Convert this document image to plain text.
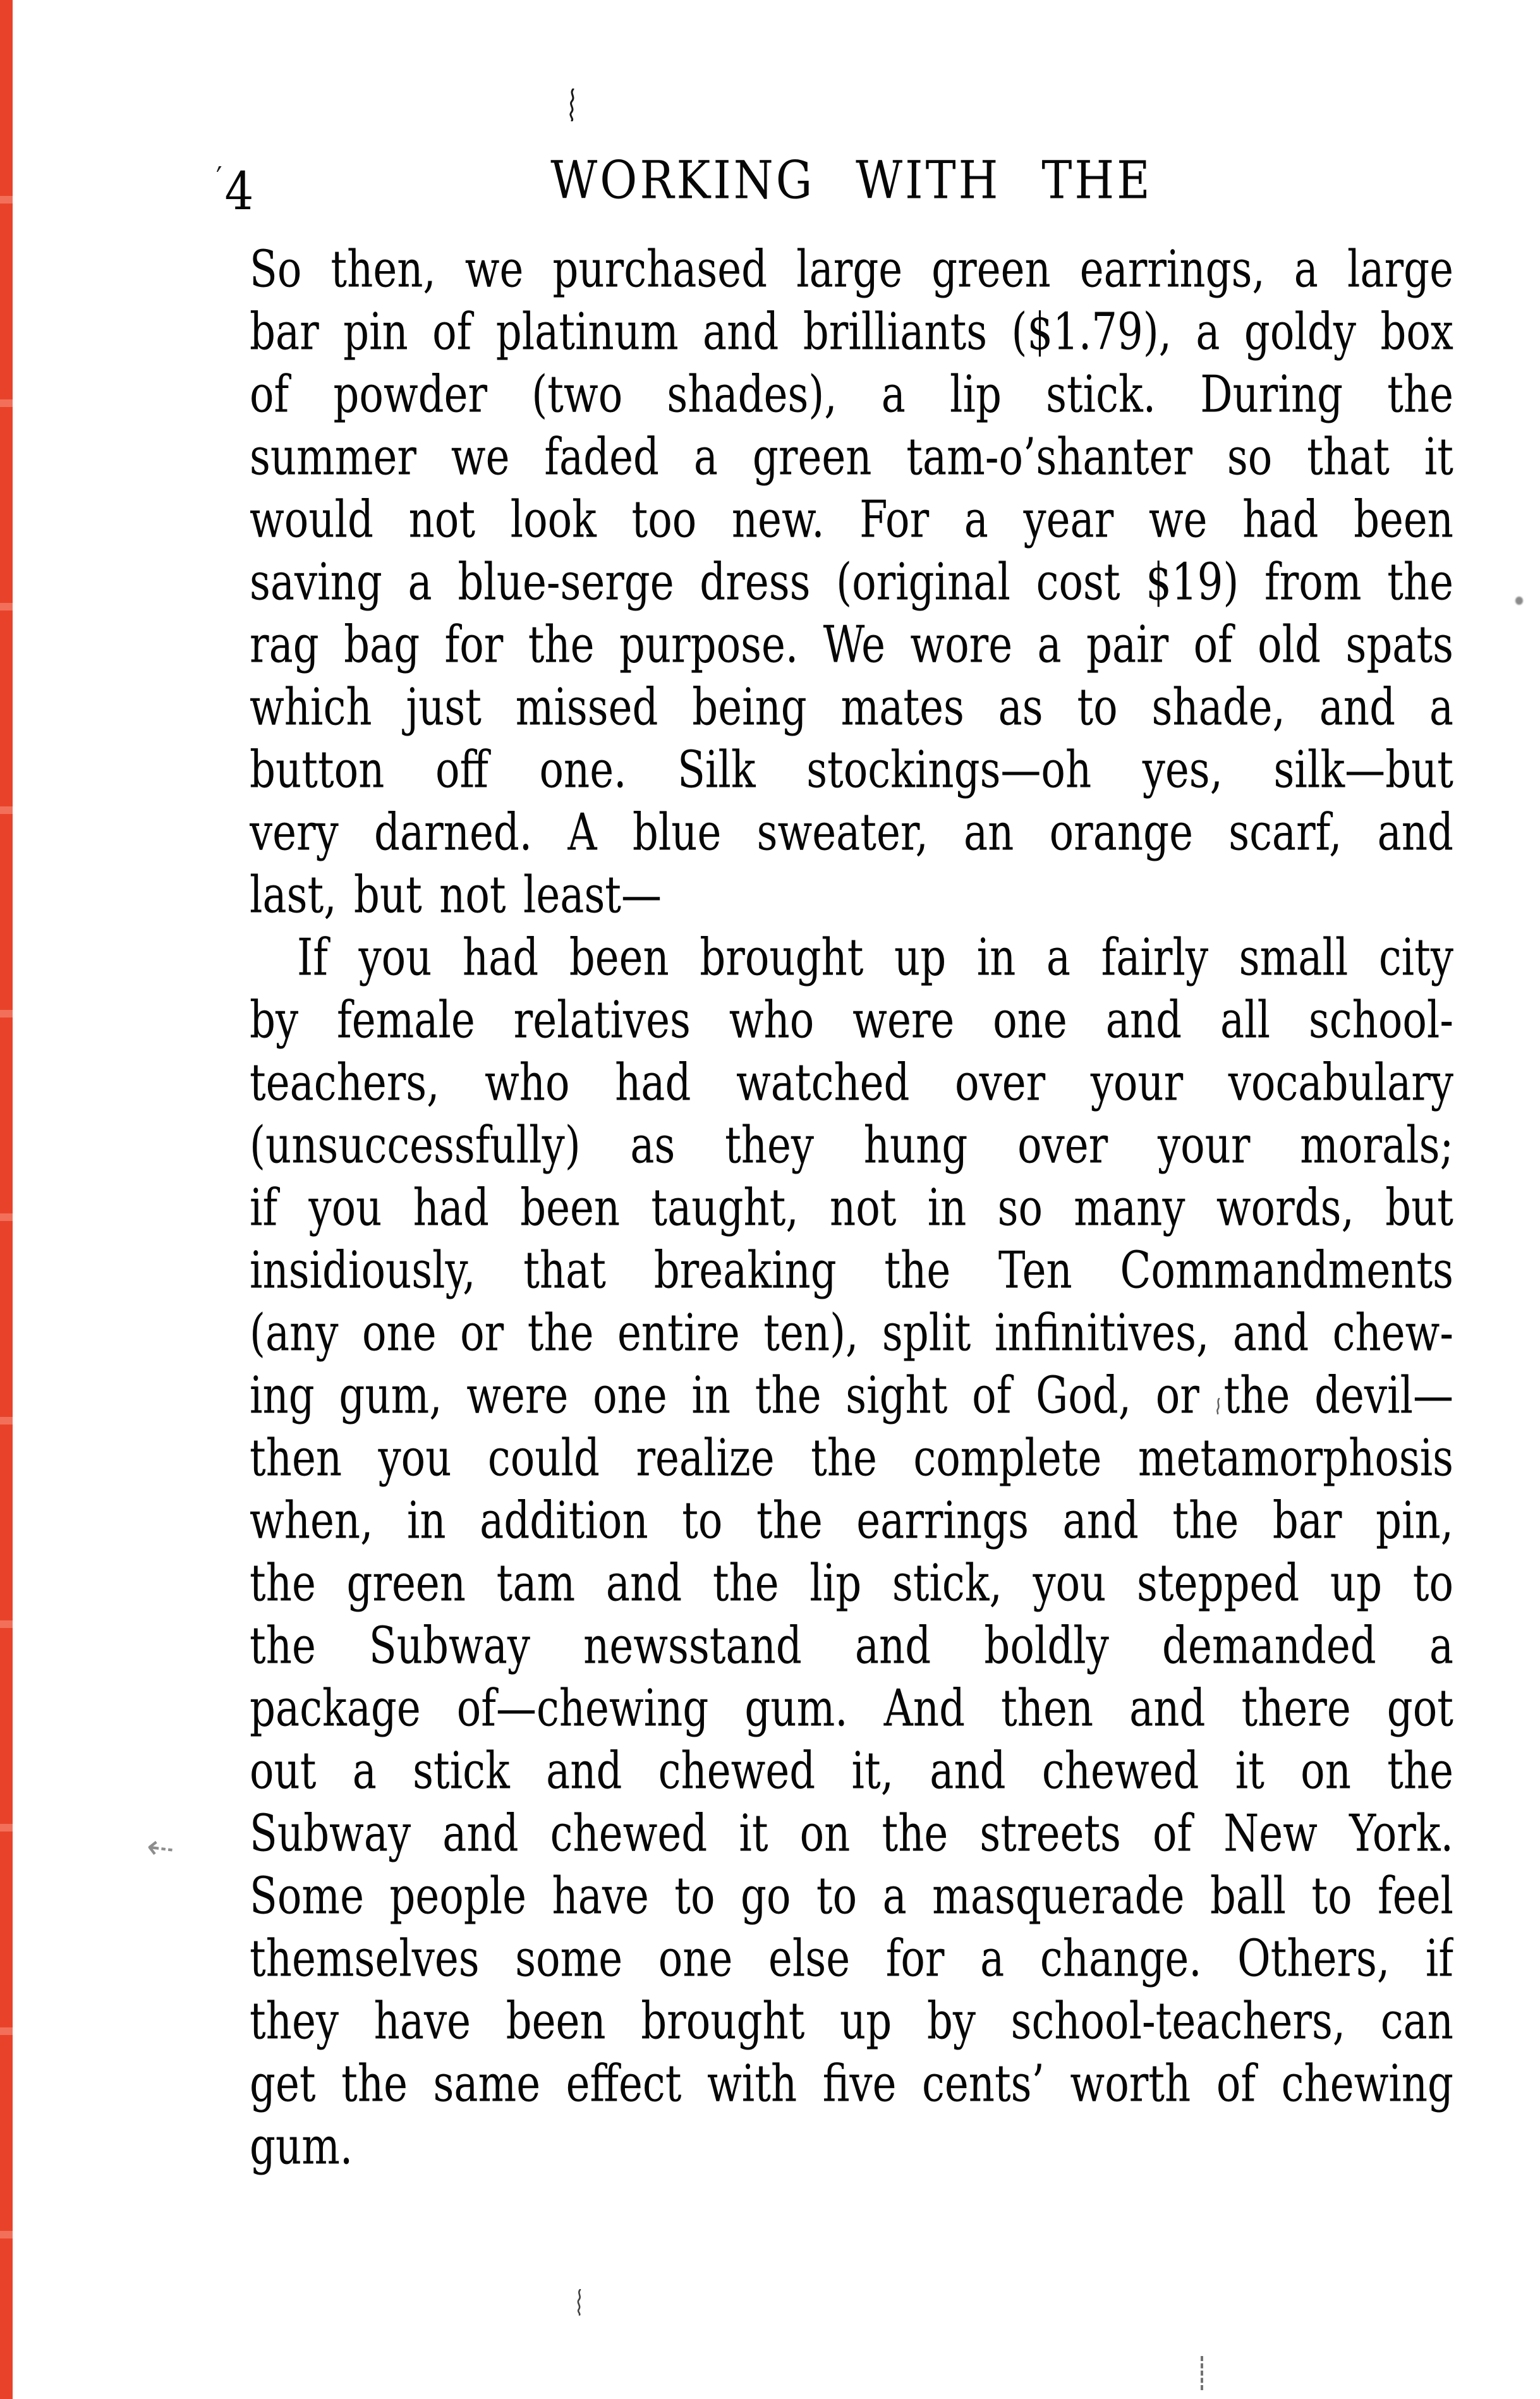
′4	WORKING WITH THE
So then, we purchased large green earrings, a large
bar pin of platinum and brilliants ($1.79), a goldy box
of powder (two shades), a lip stick. During the
summer we faded a green tam-o’shanter so that it
would not look too new. For a year we had been
saving a blue-serge dress (original cost $19) from the
rag bag for the purpose. We wore a pair of old spats
which just missed being mates as to shade, and a
button off one. Silk stockings—oh yes, silk—but
very darned. A blue sweater, an orange scarf, and
last, but not least—
If you had been brought up in a fairly small city
by female relatives who were one and all school-
teachers, who had watched over your vocabulary
(unsuccessfully) as they hung over your morals;
if you had been taught, not in so many words, but
insidiously, that breaking the Ten Commandments
(any one or the entire ten), split infinitives, and chew-
ing gum, were one in the sight of God, or the devil—
then you could realize the complete metamorphosis
when, in addition to the earrings and the bar pin,
the green tam and the lip stick, you stepped up to
the Subway newsstand and boldly demanded a
package of—chewing gum. And then and there got
out a stick and chewed it, and chewed it on the
Subway and chewed it on the streets of New York.
Some people have to go to a masquerade ball to feel
themselves some one else for a change. Others, if
they have been brought up by school-teachers, can
get the same effect with five cents’ worth of chewing
gum.
⇠
